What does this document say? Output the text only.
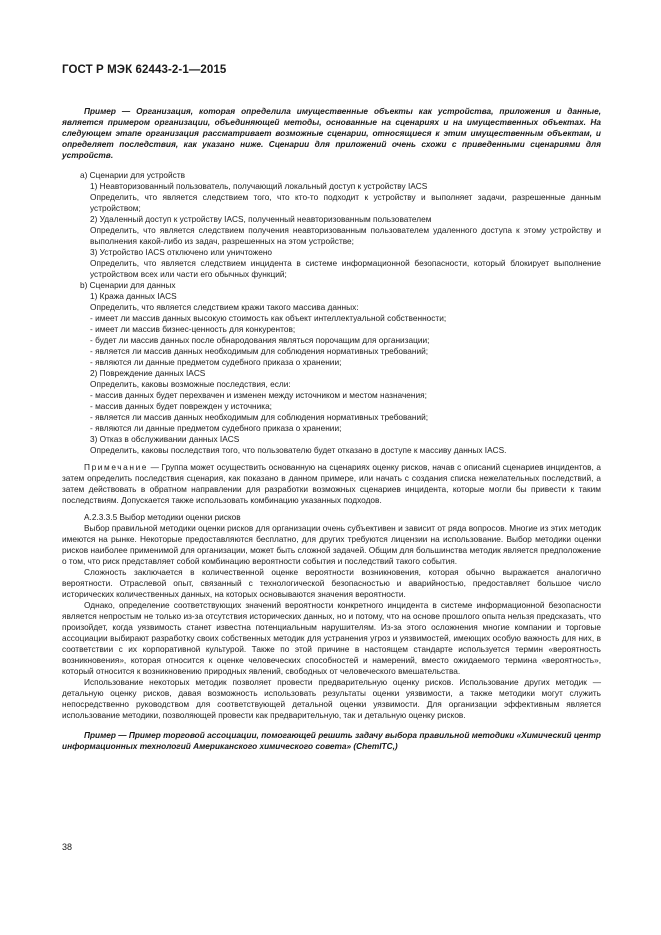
ГОСТ Р МЭК 62443-2-1—2015

Пример — Организация, которая определила имущественные объекты как устройства, приложения и данные, является примером организации, объединяющей методы, основанные на сценариях и на имущественных объектах. На следующем этапе организация рассматривает возможные сценарии, относящиеся к этим имущественным объектам, и определяет последствия, как указано ниже. Сценарии для приложений очень схожи с приведенными сценариями для устройств.

a) Сценарии для устройств

1) Неавторизованный пользователь, получающий локальный доступ к устройству IACS

Определить, что является следствием того, что кто-то подходит к устройству и выполняет задачи, разрешенные данным устройством;

2) Удаленный доступ к устройству IACS, полученный неавторизованным пользователем

Определить, что является следствием получения неавторизованным пользователем удаленного доступа к этому устройству и выполнения какой-либо из задач, разрешенных на этом устройстве;

3) Устройство IACS отключено или уничтожено

Определить, что является следствием инцидента в системе информационной безопасности, который блокирует выполнение устройством всех или части его обычных функций;

b) Сценарии для данных

1) Кража данных IACS

Определить, что является следствием кражи такого массива данных:

- имеет ли массив данных высокую стоимость как объект интеллектуальной собственности;

- имеет ли массив бизнес-ценность для конкурентов;

- будет ли массив данных после обнародования являться порочащим для организации;

- является ли массив данных необходимым для соблюдения нормативных требований;

- являются ли данные предметом судебного приказа о хранении;

2) Повреждение данных IACS

Определить, каковы возможные последствия, если:

- массив данных будет перехвачен и изменен между источником и местом назначения;

- массив данных будет поврежден у источника;

- является ли массив данных необходимым для соблюдения нормативных требований;

- являются ли данные предметом судебного приказа о хранении;

3) Отказ в обслуживании данных IACS

Определить, каковы последствия того, что пользователю будет отказано в доступе к массиву данных IACS.

Примечание — Группа может осуществить основанную на сценариях оценку рисков, начав с описаний сценариев инцидентов, а затем определить последствия сценария, как показано в данном примере, или начать с создания списка нежелательных последствий, а затем действовать в обратном направлении для разработки возможных сценариев инцидента, которые могли бы привести к таким последствиям. Допускается также использовать комбинацию указанных подходов.

А.2.3.3.5 Выбор методики оценки рисков

Выбор правильной методики оценки рисков для организации очень субъективен и зависит от ряда вопросов. Многие из этих методик имеются на рынке. Некоторые предоставляются бесплатно, для других требуются лицензии на использование. Выбор методики оценки рисков наиболее применимой для организации, может быть сложной задачей. Общим для большинства методик является предположение о том, что риск представляет собой комбинацию вероятности события и последствий такого события.

Сложность заключается в количественной оценке вероятности возникновения, которая обычно выражается аналогично вероятности. Отраслевой опыт, связанный с технологической безопасностью и аварийностью, предоставляет большое число исторических количественных данных, на которых основываются значения вероятности.

Однако, определение соответствующих значений вероятности конкретного инцидента в системе информационной безопасности является непростым не только из-за отсутствия исторических данных, но и потому, что на основе прошлого опыта нельзя предсказать, что произойдет, когда уязвимость станет известна потенциальным нарушителям. Из-за этого осложнения многие компании и торговые ассоциации выбирают разработку своих собственных методик для устранения угроз и уязвимостей, имеющих особую важность для них, в соответствии с их корпоративной культурой. Также по этой причине в настоящем стандарте используется термин «вероятность возникновения», которая относится к оценке человеческих способностей и намерений, вместо ожидаемого термина «вероятность», который относится к возникновению природных явлений, свободных от человеческого вмешательства.

Использование некоторых методик позволяет провести предварительную оценку рисков. Использование других методик — детальную оценку рисков, давая возможность использовать результаты оценки уязвимости, а также методики могут служить непосредственно руководством для соответствующей детальной оценки уязвимости. Для организации эффективным является использование методики, позволяющей провести как предварительную, так и детальную оценку рисков.

Пример — Пример торговой ассоциации, помогающей решить задачу выбора правильной методики «Химический центр информационных технологий Американского химического совета» (ChemITC,)

38
